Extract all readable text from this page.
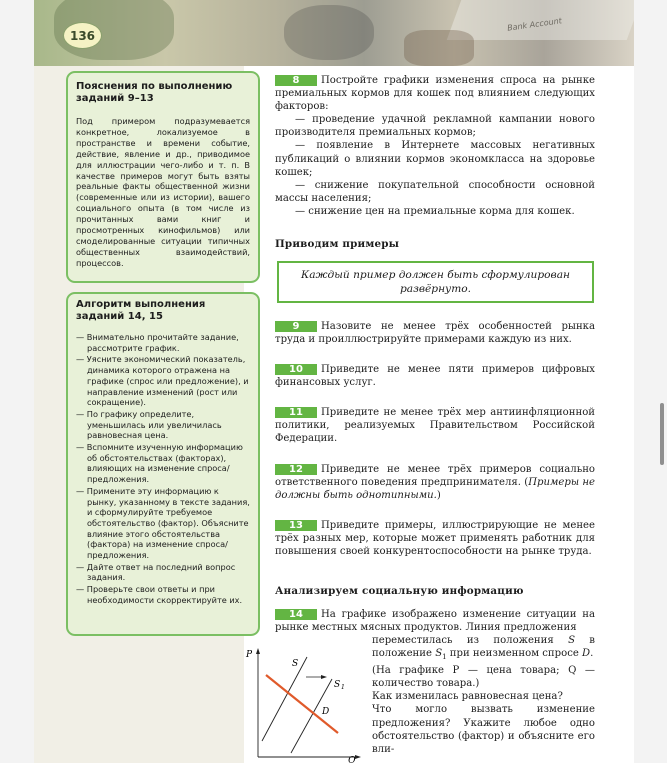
Bank Account
136

Пояснения по выполнению заданий 9–13

Под примером подразумевается конкретное, локализуемое в пространстве и времени событие, действие, явление и др., приводимое для иллюстрации чего-либо и т. п. В качестве примеров могут быть взяты реальные факты общественной жизни (современные или из истории), вашего социального опыта (в том числе из прочитанных вами книг и просмотренных кинофильмов) или смоделированные ситуации типичных общественных взаимодействий, процессов.

Алгоритм выполнения заданий 14, 15

— Внимательно прочитайте задание, рассмотрите график.
— Уясните экономический показатель, динамика которого отражена на графике (спрос или предложение), и направление изменений (рост или сокращение).
— По графику определите, уменьшилась или увеличилась равновесная цена.
— Вспомните изученную информацию об обстоятельствах (факторах), влияющих на изменение спроса/предложения.
— Примените эту информацию к рынку, указанному в тексте задания, и сформулируйте требуемое обстоятельство (фактор). Объясните влияние этого обстоятельства (фактора) на изменение спроса/предложения.
— Дайте ответ на последний вопрос задания.
— Проверьте свои ответы и при необходимости скорректируйте их.
8 Постройте графики изменения спроса на рынке премиальных кормов для кошек под влиянием следующих факторов:
— проведение удачной рекламной кампании нового производителя премиальных кормов;
— появление в Интернете массовых негативных публикаций о влиянии кормов экономкласса на здоровье кошек;
— снижение покупательной способности основной массы населения;
— снижение цен на премиальные корма для кошек.
Приводим примеры
Каждый пример должен быть сформулирован развёрнуто.
9 Назовите не менее трёх особенностей рынка труда и проиллюстрируйте примерами каждую из них.
10 Приведите не менее пяти примеров цифровых финансовых услуг.
11 Приведите не менее трёх мер антиинфляционной политики, реализуемых Правительством Российской Федерации.
12 Приведите не менее трёх примеров социально ответственного поведения предпринимателя. (Примеры не должны быть однотипными.)
13 Приведите примеры, иллюстрирующие не менее трёх разных мер, которые может применять работник для повышения своей конкурентоспособности на рынке труда.
Анализируем социальную информацию
14 На графике изображено изменение ситуации на рынке местных мясных продуктов. Линия предложения
переместилась из положения S в положение $S_1$ при неизменном спросе D.
(На графике P — цена товара; Q — количество товара.)
Как изменилась равновесная цена?
Что могло вызвать изменение предложения? Укажите любое одно обстоятельство (фактор) и объясните его вли-
P
Q
S
S 1
D
